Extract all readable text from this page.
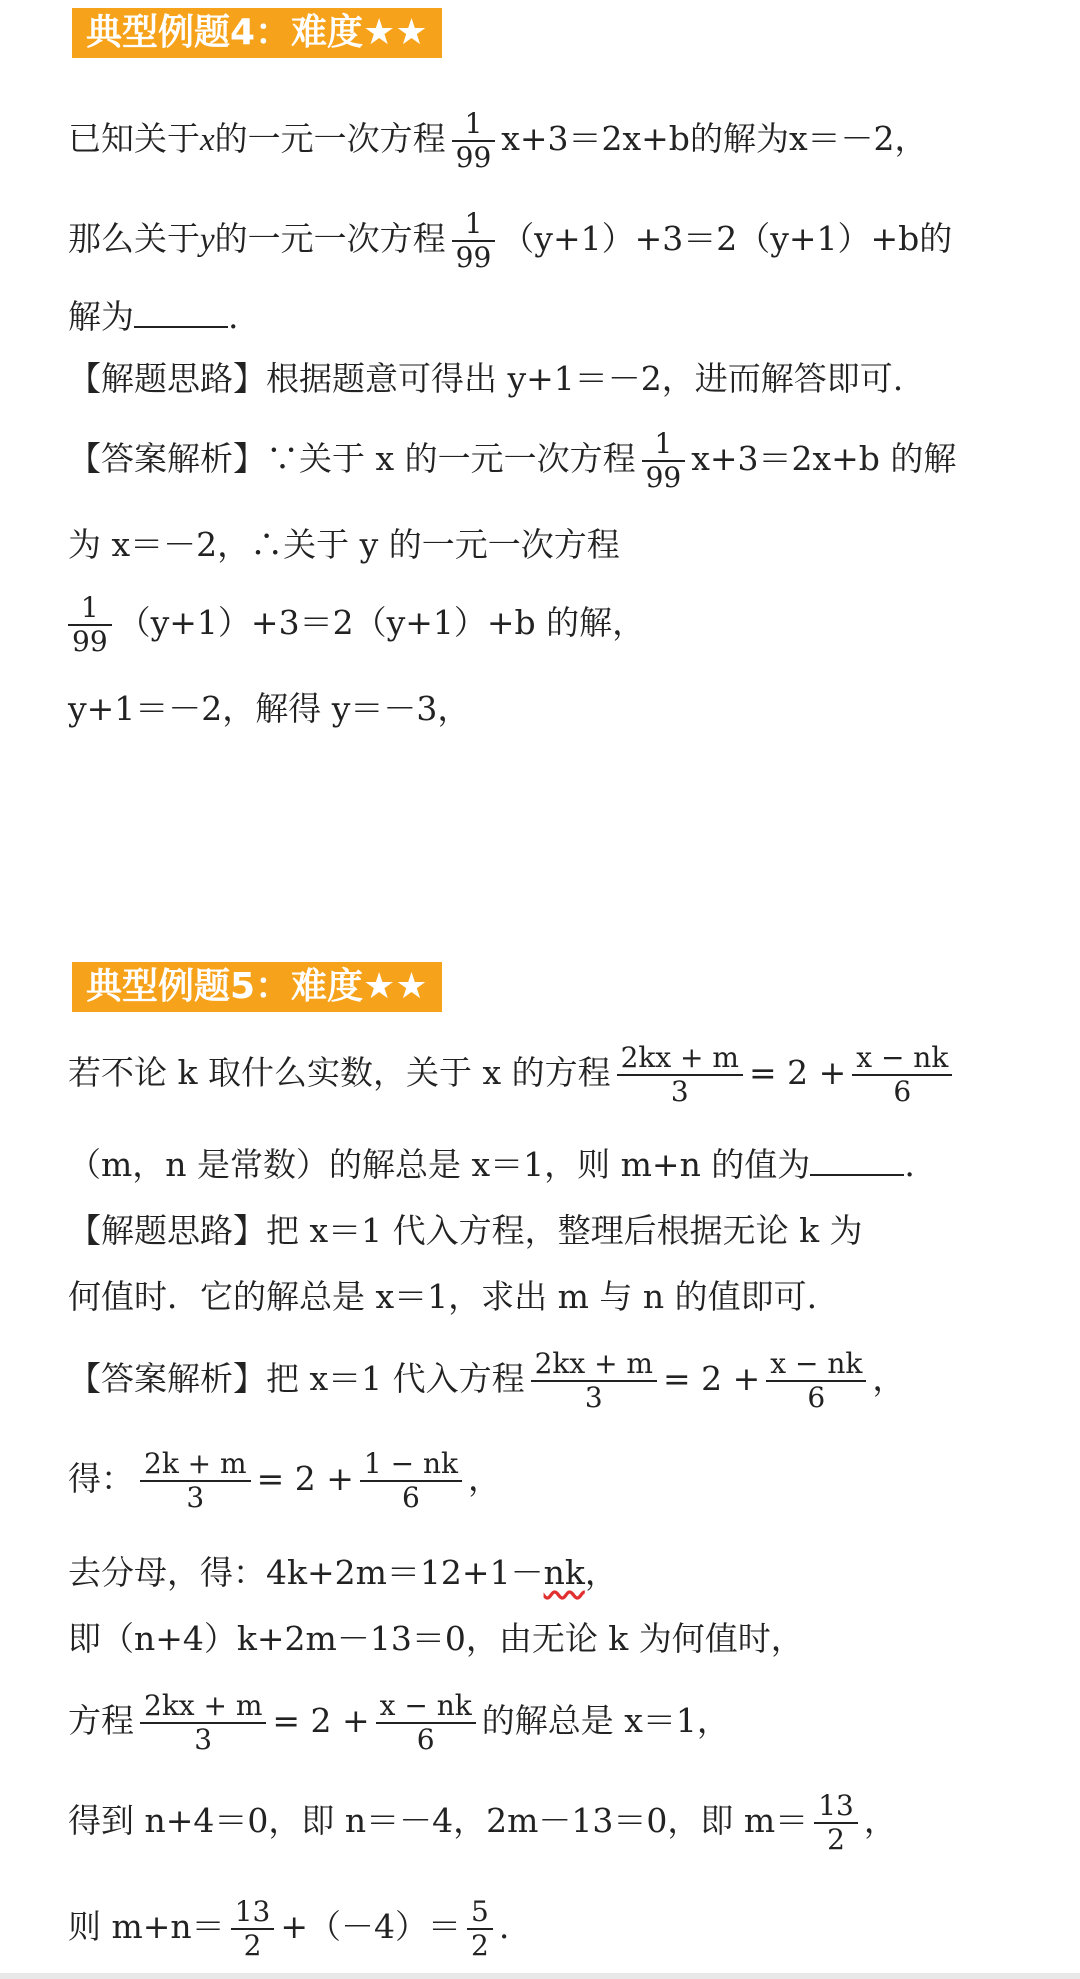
典型例题4：难度★★
已知关于x的一元一次方程 $\frac{1}{99} x+3=2x+b$的解为x＝－2，
那么关于y的一元一次方程 $\frac{1}{99} (y+1)+3=2(y+1)+b$的
解为	.
【解题思路】根据题意可得出 y+1＝－2，进而解答即可.
【答案解析】∵关于 x 的一元一次方程 $\frac{1}{99} x+3=2x+b$ 的解
为 x＝－2，∴关于 y 的一元一次方程
$\frac{1}{99} (y+1)+3=2(y+1)+b$ 的解，
y+1＝－2，解得 y＝－3，
典型例题5：难度★★
若不论 k 取什么实数，关于 x 的方程 $\frac{2kx + m}{3} = 2 + \frac{x - nk}{6}$
（m，n 是常数）的解总是 x＝1，则 m+n 的值为	.
【解题思路】把 x＝1 代入方程，整理后根据无论 k 为
何值时．它的解总是 x＝1，求出 m 与 n 的值即可.
【答案解析】把 x＝1 代入方程 $\frac{2kx + m}{3} = 2 + \frac{x - nk}{6}$ ，
得： $\frac{2k + m}{3} = 2 + \frac{1 - nk}{6}$ ，
去分母，得：4k+2m＝12+1－nk，
即（n+4）k+2m－13＝0，由无论 k 为何值时，
方程 $\frac{2kx + m}{3} = 2 + \frac{x - nk}{6}$ 的解总是 x＝1，
得到 n+4＝0，即 n＝－4，2m－13＝0，即 $m= \frac{13}{2}$ ，
则 $m+n= \frac{13}{2} +(-4)= \frac{5}{2}$ .
